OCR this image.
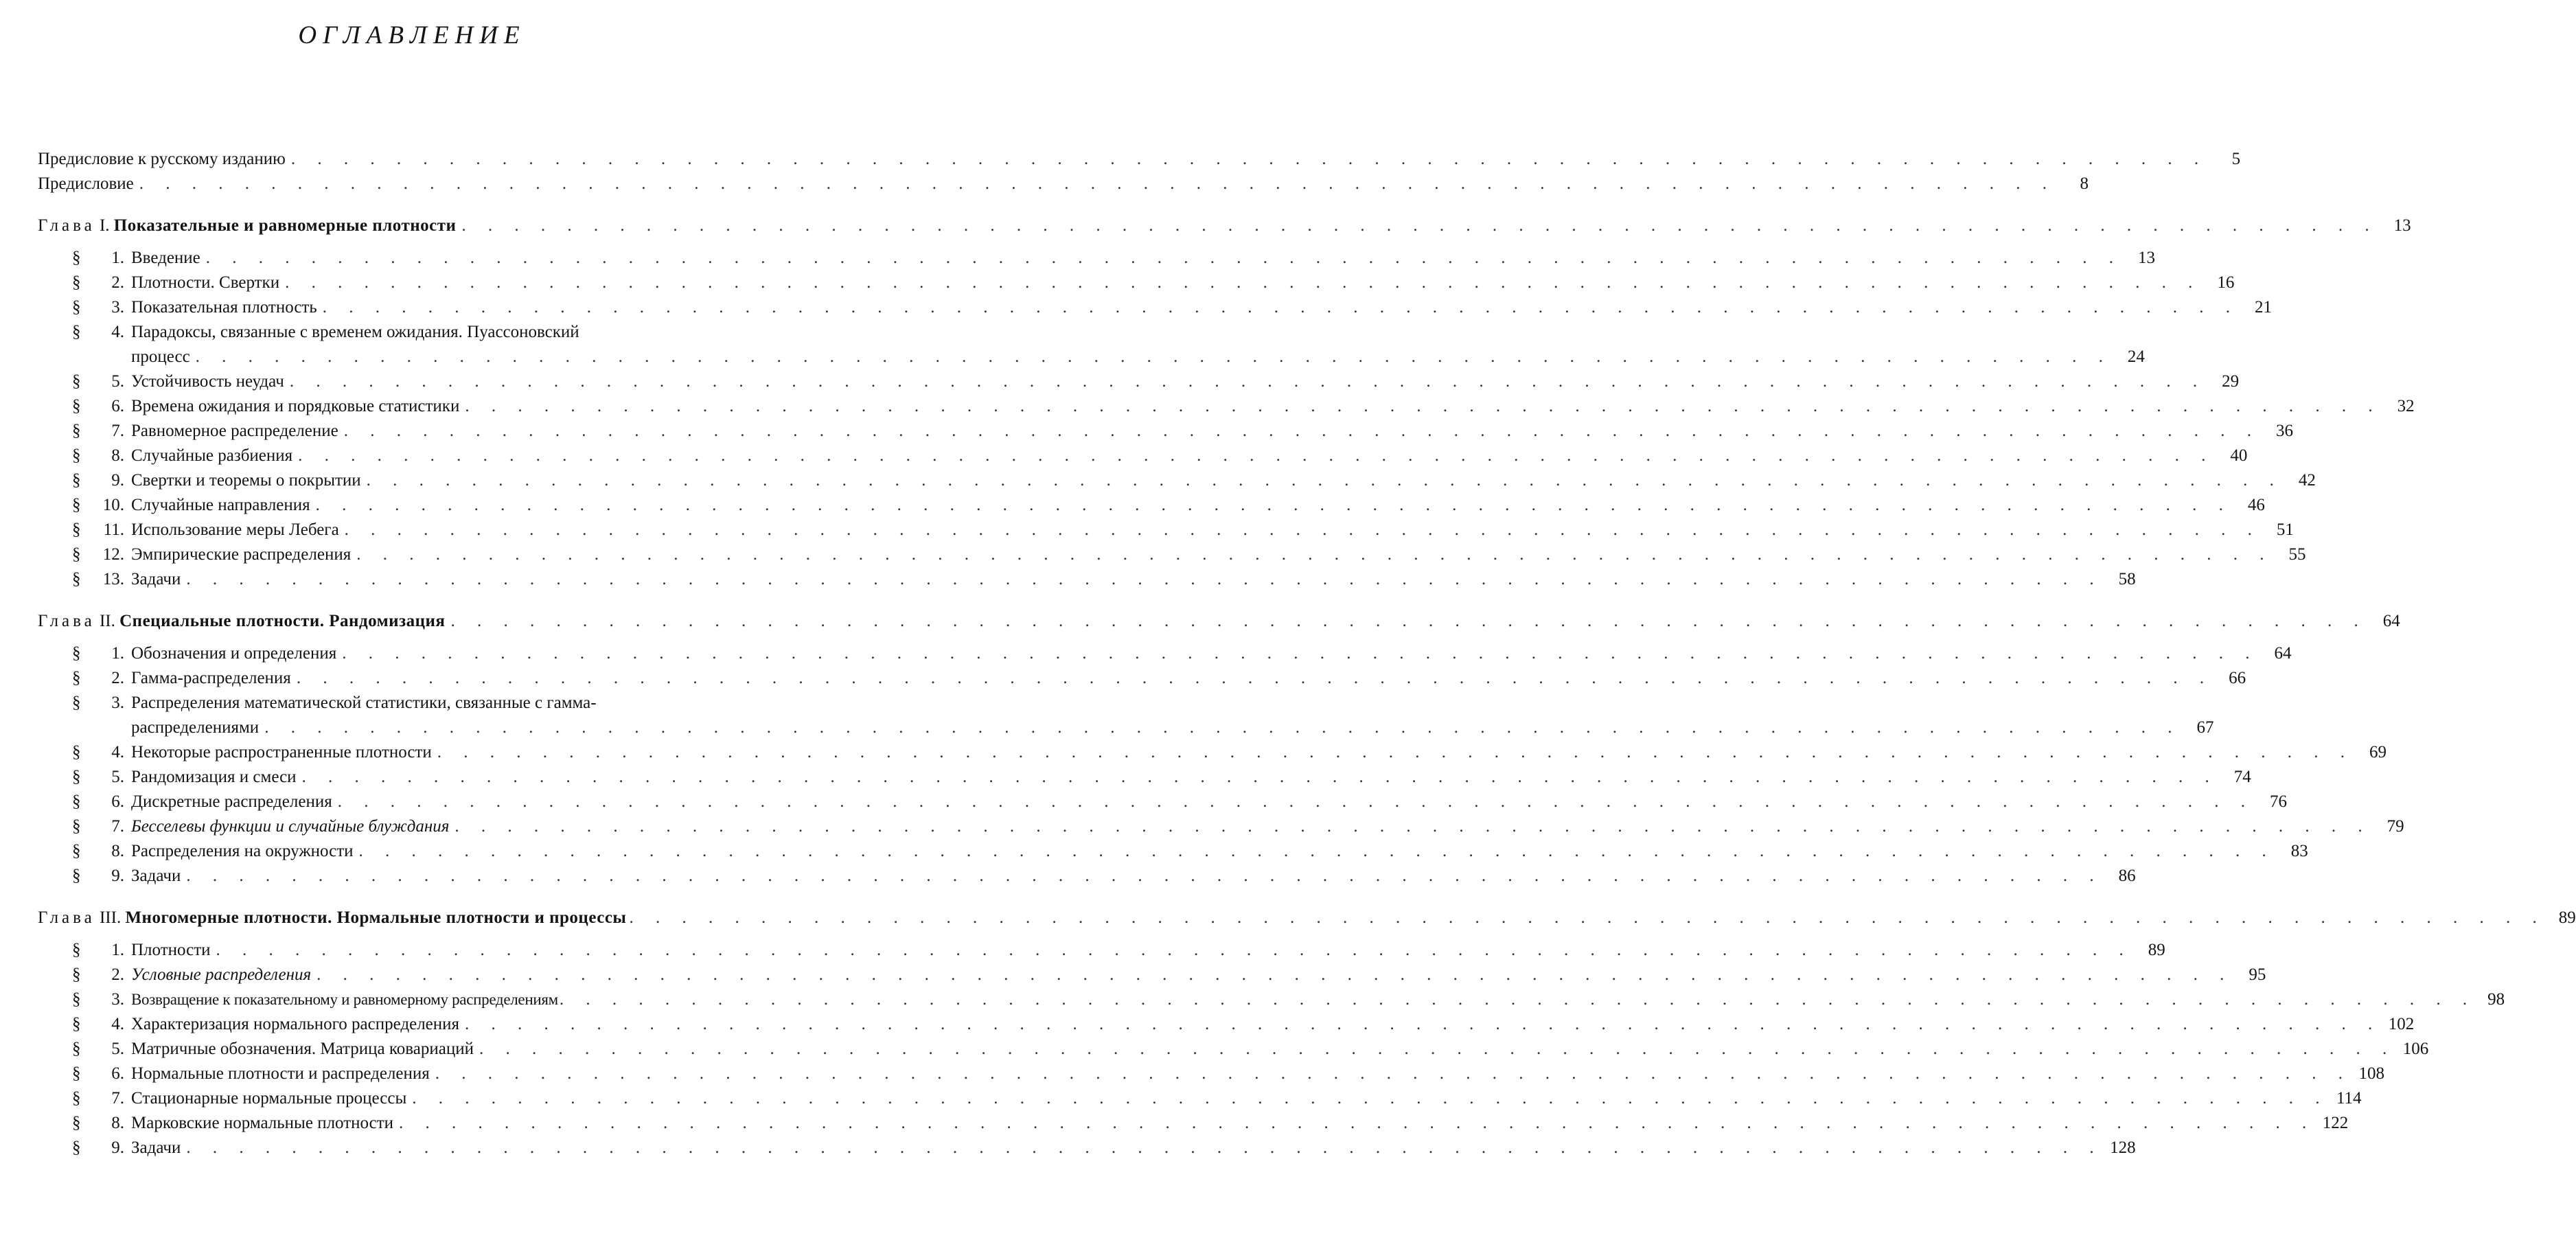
ОГЛАВЛЕНИЕ
Предисловие к русскому изданию . . .	5
Предисловие . . .	8
Глава I. Показательные и равномерные плотности . . .	13
§ 1. Введение . . .	13
§ 2. Плотности. Свертки . . .	16
§ 3. Показательная плотность . . .	21
§ 4. Парадоксы, связанные с временем ожидания. Пуассоновский
процесс . . .	24
§ 5. Устойчивость неудач . . .	29
§ 6. Времена ожидания и порядковые статистики . . .	32
§ 7. Равномерное распределение . . .	36
§ 8. Случайные разбиения . . .	40
§ 9. Свертки и теоремы о покрытии . . .	42
§ 10. Случайные направления . . .	46
§ 11. Использование меры Лебега . . .	51
§ 12. Эмпирические распределения . . .	55
§ 13. Задачи . . .	58
Глава II. Специальные плотности. Рандомизация . . .	64
§ 1. Обозначения и определения . . .	64
§ 2. Гамма-распределения . . .	66
§ 3. Распределения математической статистики, связанные с гамма-
распределениями . . .	67
§ 4. Некоторые распространенные плотности . . .	69
§ 5. Рандомизация и смеси . . .	74
§ 6. Дискретные распределения . . .	76
§ 7. Бесселевы функции и случайные блуждания . . .	79
§ 8. Распределения на окружности . . .	83
§ 9. Задачи . . .	86
Глава III. Многомерные плотности. Нормальные плотности и процессы . . .	89
§ 1. Плотности . . .	89
§ 2. Условные распределения . . .	95
§ 3. Возвращение к показательному и равномерному распределениям . . .	98
§ 4. Характеризация нормального распределения . . .	102
§ 5. Матричные обозначения. Матрица ковариаций . . .	106
§ 6. Нормальные плотности и распределения . . .	108
§ 7. Стационарные нормальные процессы . . .	114
§ 8. Марковские нормальные плотности . . .	122
§ 9. Задачи . . .	128
